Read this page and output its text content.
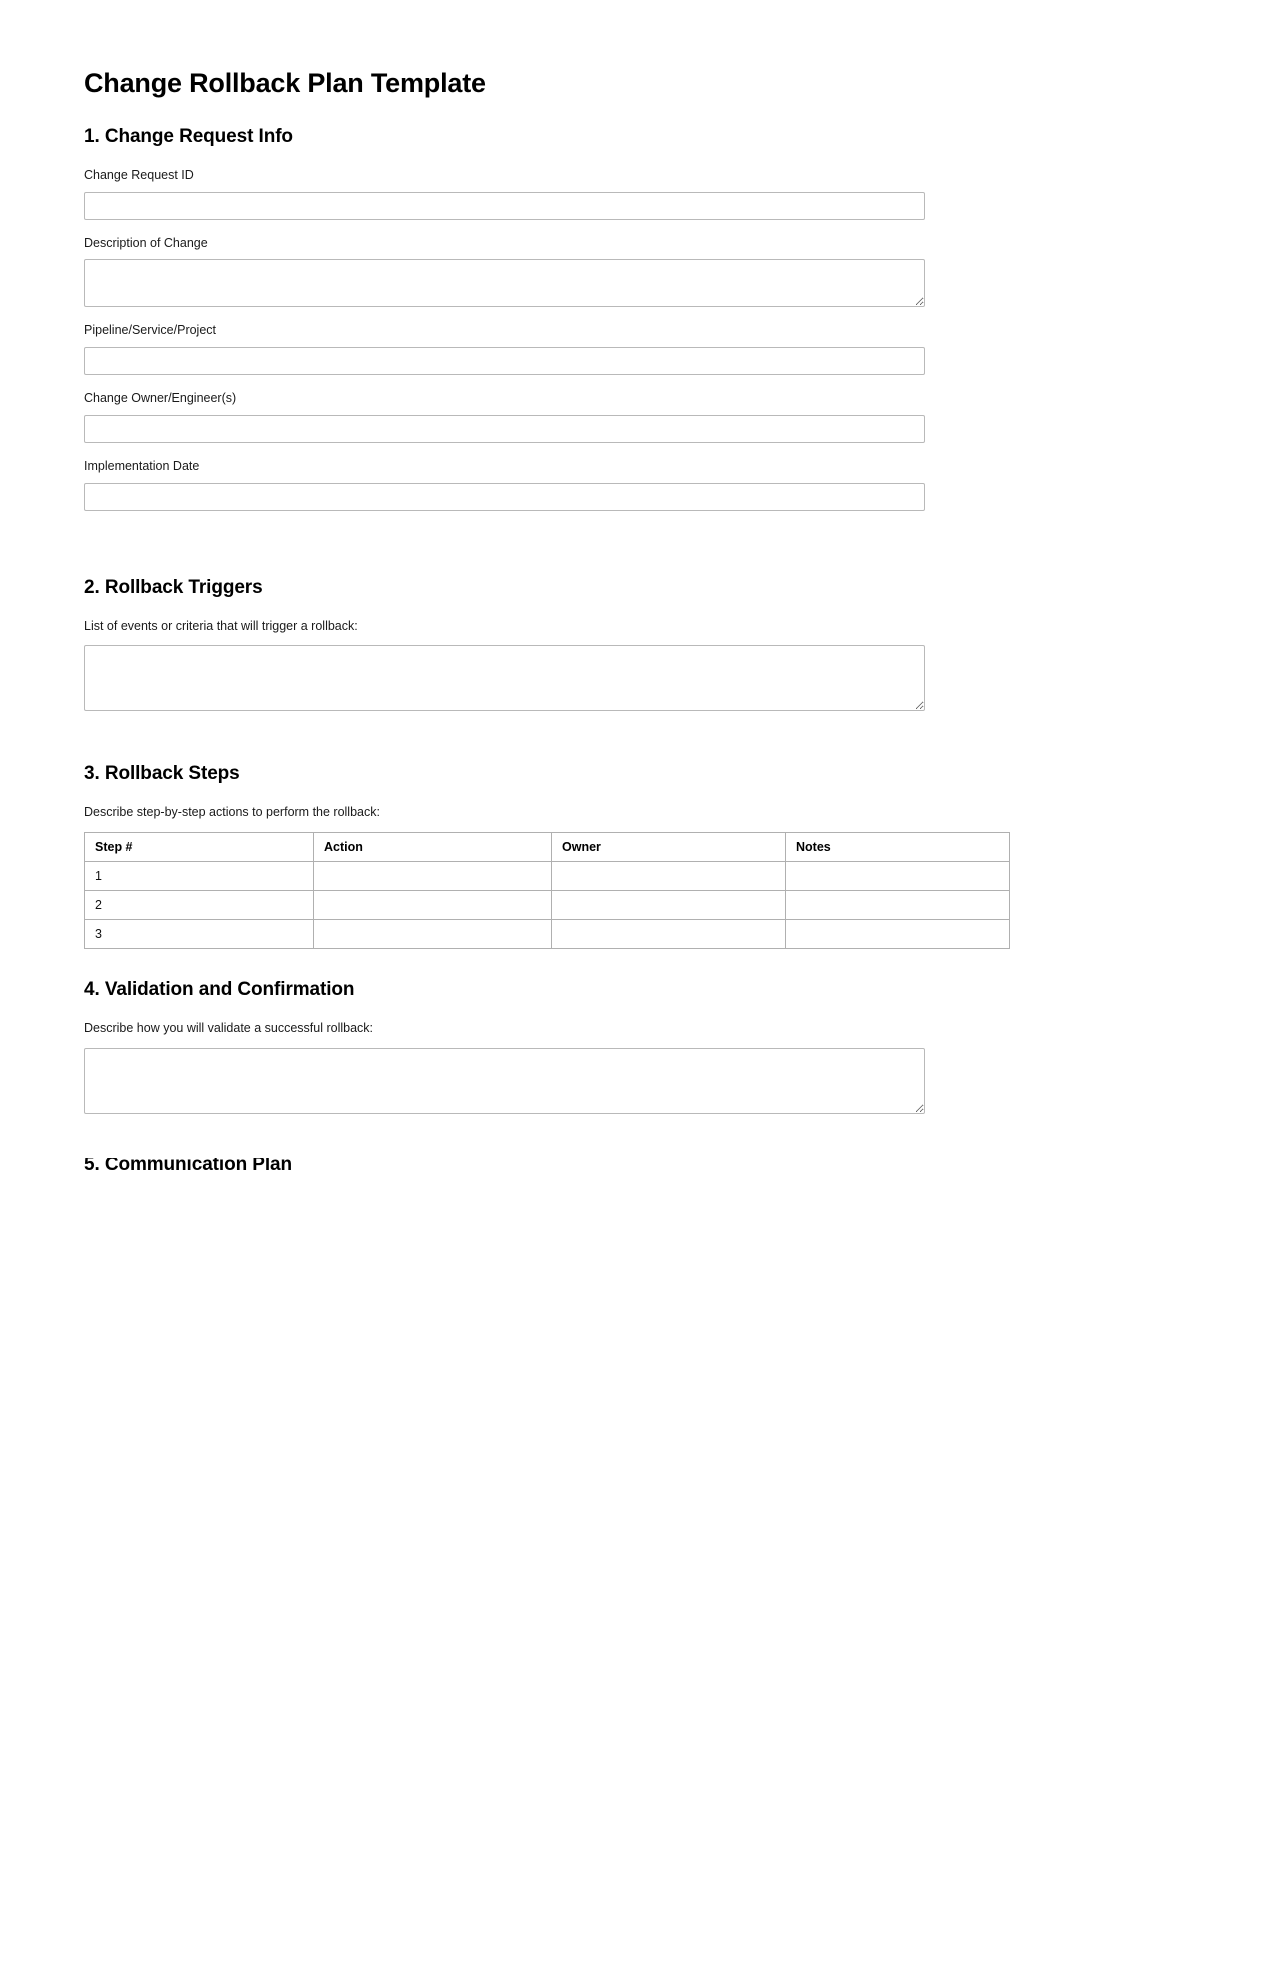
Change Rollback Plan Template
1. Change Request Info
Change Request ID
Description of Change
Pipeline/Service/Project
Change Owner/Engineer(s)
Implementation Date
2. Rollback Triggers

List of events or criteria that will trigger a rollback:

3. Rollback Steps

Describe step-by-step actions to perform the rollback:

Step #	Action	Owner	Notes
1			
2			
3			
4. Validation and Confirmation

Describe how you will validate a successful rollback:

5. Communication Plan
